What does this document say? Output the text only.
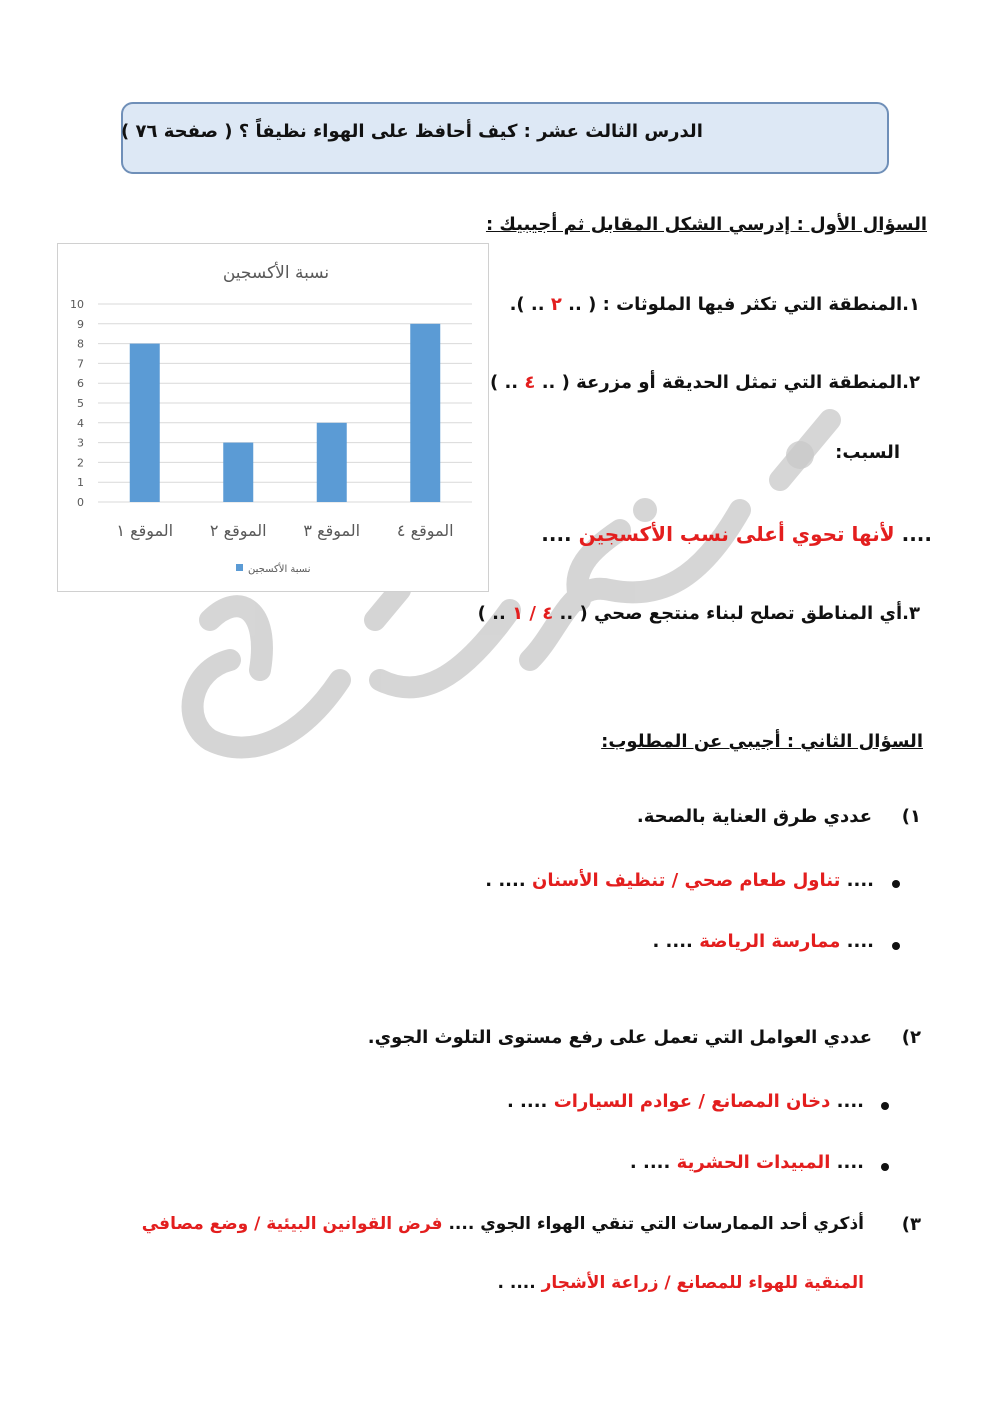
الدرس الثالث عشر : كيف أحافظ على الهواء نظيفاً ؟ ( صفحة ٧٦ )
السؤال الأول : إدرسي الشكل المقابل ثم أجيبيك :
١.المنطقة التي تكثر فيها الملوثات : ( .. ٢ .. ).
٢.المنطقة التي تمثل الحديقة أو مزرعة ( .. ٤ .. )
السبب:
.... لأنها تحوي أعلى نسب الأكسجين ....
٣.أي المناطق تصلح لبناء منتجع صحي ( .. ٤ / ١ .. )
نسبة الأكسجين
0
1
2
3
4
5
6
7
8
9
10
الموقع ١ الموقع ٢ الموقع ٣ الموقع ٤
نسبة الأكسجين
السؤال الثاني : أجيبي عن المطلوب:
١)
عددي طرق العناية بالصحة.
.... تناول طعام صحي / تنظيف الأسنان .... .
.... ممارسة الرياضة .... .
٢)
عددي العوامل التي تعمل على رفع مستوى التلوث الجوي.
.... دخان المصانع / عوادم السيارات .... .
.... المبيدات الحشرية .... .
٣)
أذكري أحد الممارسات التي تنقي الهواء الجوي .... فرض القوانين البيئية / وضع مصافي
المنقية للهواء للمصانع / زراعة الأشجار .... .
